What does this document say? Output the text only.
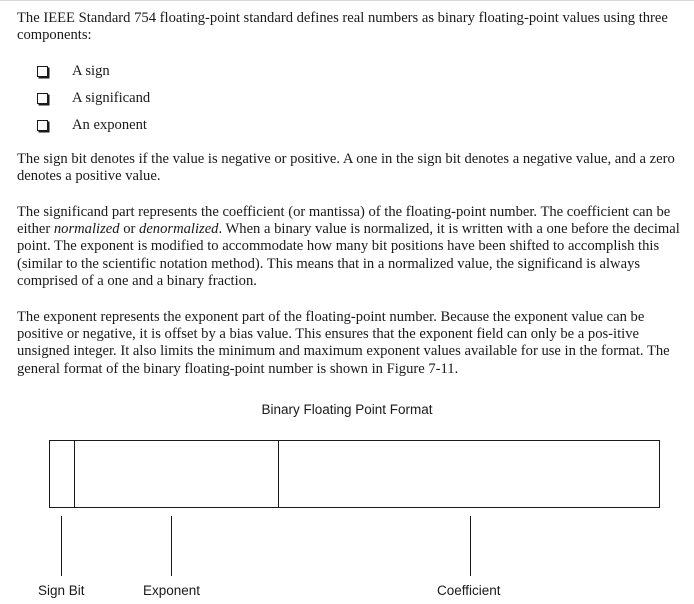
The IEEE Standard 754 floating-point standard defines real numbers as binary floating-point values using three components:

A sign
A significand
An exponent

The sign bit denotes if the value is negative or positive. A one in the sign bit denotes a negative value, and a zero denotes a positive value.

The significand part represents the coefficient (or mantissa) of the floating-point number. The coefficient can be either normalized or denormalized. When a binary value is normalized, it is written with a one before the decimal point. The exponent is modified to accommodate how many bit positions have been shifted to accomplish this (similar to the scientific notation method). This means that in a normalized value, the significand is always comprised of a one and a binary fraction.

The exponent represents the exponent part of the floating-point number. Because the exponent value can be positive or negative, it is offset by a bias value. This ensures that the exponent field can only be a pos-itive unsigned integer. It also limits the minimum and maximum exponent values available for use in the format. The general format of the binary floating-point number is shown in Figure 7-11.

Binary Floating Point Format
Sign Bit	Exponent	Coefficient
